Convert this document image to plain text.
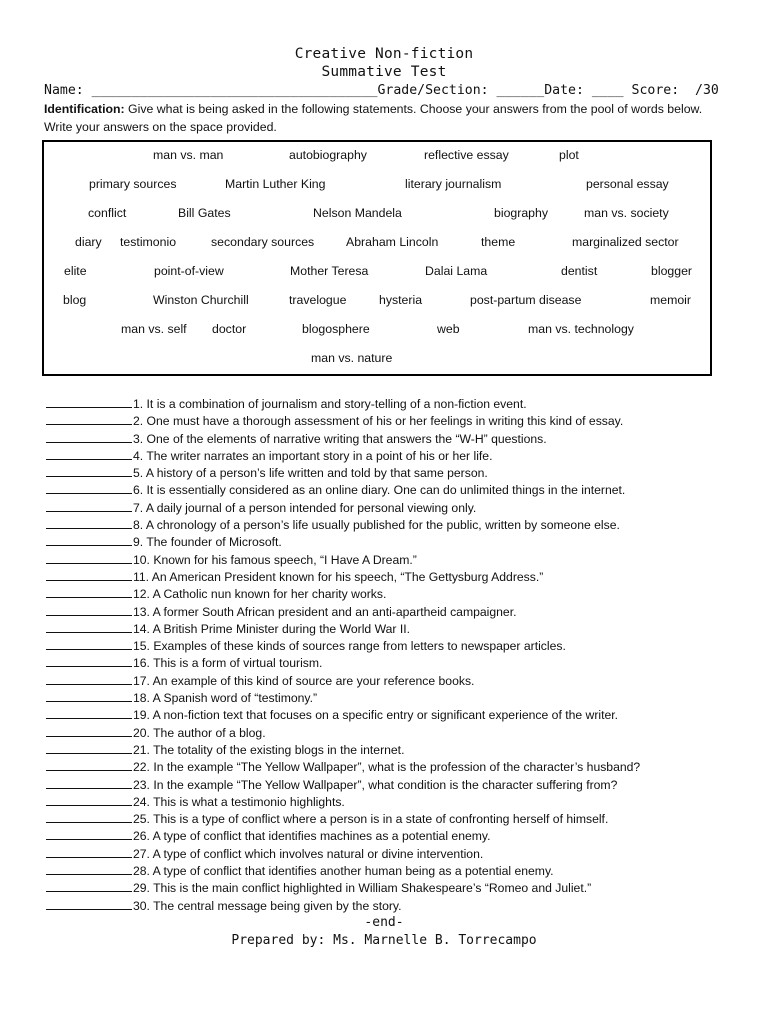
Creative Non-fiction
Summative Test
Name: ____________________________________Grade/Section: ______Date: ____ Score:  /30
Identification: Give what is being asked in the following statements. Choose your answers from the pool of words below. Write your answers on the space provided.
man vs. man	autobiography	reflective essay	plot
primary sources	Martin Luther King	literary journalism	personal essay
conflict	Bill Gates	Nelson Mandela	biography	man vs. society
diary testimonio	secondary sources	Abraham Lincoln	theme	marginalized sector
elite	point-of-view	Mother Teresa	Dalai Lama	dentist	blogger
blog	Winston Churchill	travelogue	hysteria	post-partum disease	memoir
man vs. self doctor	blogosphere	web	man vs. technology
man vs. nature
1. It is a combination of journalism and story-telling of a non-fiction event.
2. One must have a thorough assessment of his or her feelings in writing this kind of essay.
3. One of the elements of narrative writing that answers the “W-H” questions.
4. The writer narrates an important story in a point of his or her life.
5. A history of a person’s life written and told by that same person.
6. It is essentially considered as an online diary. One can do unlimited things in the internet.
7. A daily journal of a person intended for personal viewing only.
8. A chronology of a person’s life usually published for the public, written by someone else.
9. The founder of Microsoft.
10. Known for his famous speech, “I Have A Dream.”
11. An American President known for his speech, “The Gettysburg Address.”
12. A Catholic nun known for her charity works.
13. A former South African president and an anti-apartheid campaigner.
14. A British Prime Minister during the World War II.
15. Examples of these kinds of sources range from letters to newspaper articles.
16. This is a form of virtual tourism.
17. An example of this kind of source are your reference books.
18. A Spanish word of “testimony.”
19. A non-fiction text that focuses on a specific entry or significant experience of the writer.
20. The author of a blog.
21. The totality of the existing blogs in the internet.
22. In the example “The Yellow Wallpaper”, what is the profession of the character’s husband?
23. In the example “The Yellow Wallpaper”, what condition is the character suffering from?
24. This is what a testimonio highlights.
25. This is a type of conflict where a person is in a state of confronting herself of himself.
26. A type of conflict that identifies machines as a potential enemy.
27. A type of conflict which involves natural or divine intervention.
28. A type of conflict that identifies another human being as a potential enemy.
29. This is the main conflict highlighted in William Shakespeare’s “Romeo and Juliet.”
30. The central message being given by the story.
-end-
Prepared by: Ms. Marnelle B. Torrecampo
